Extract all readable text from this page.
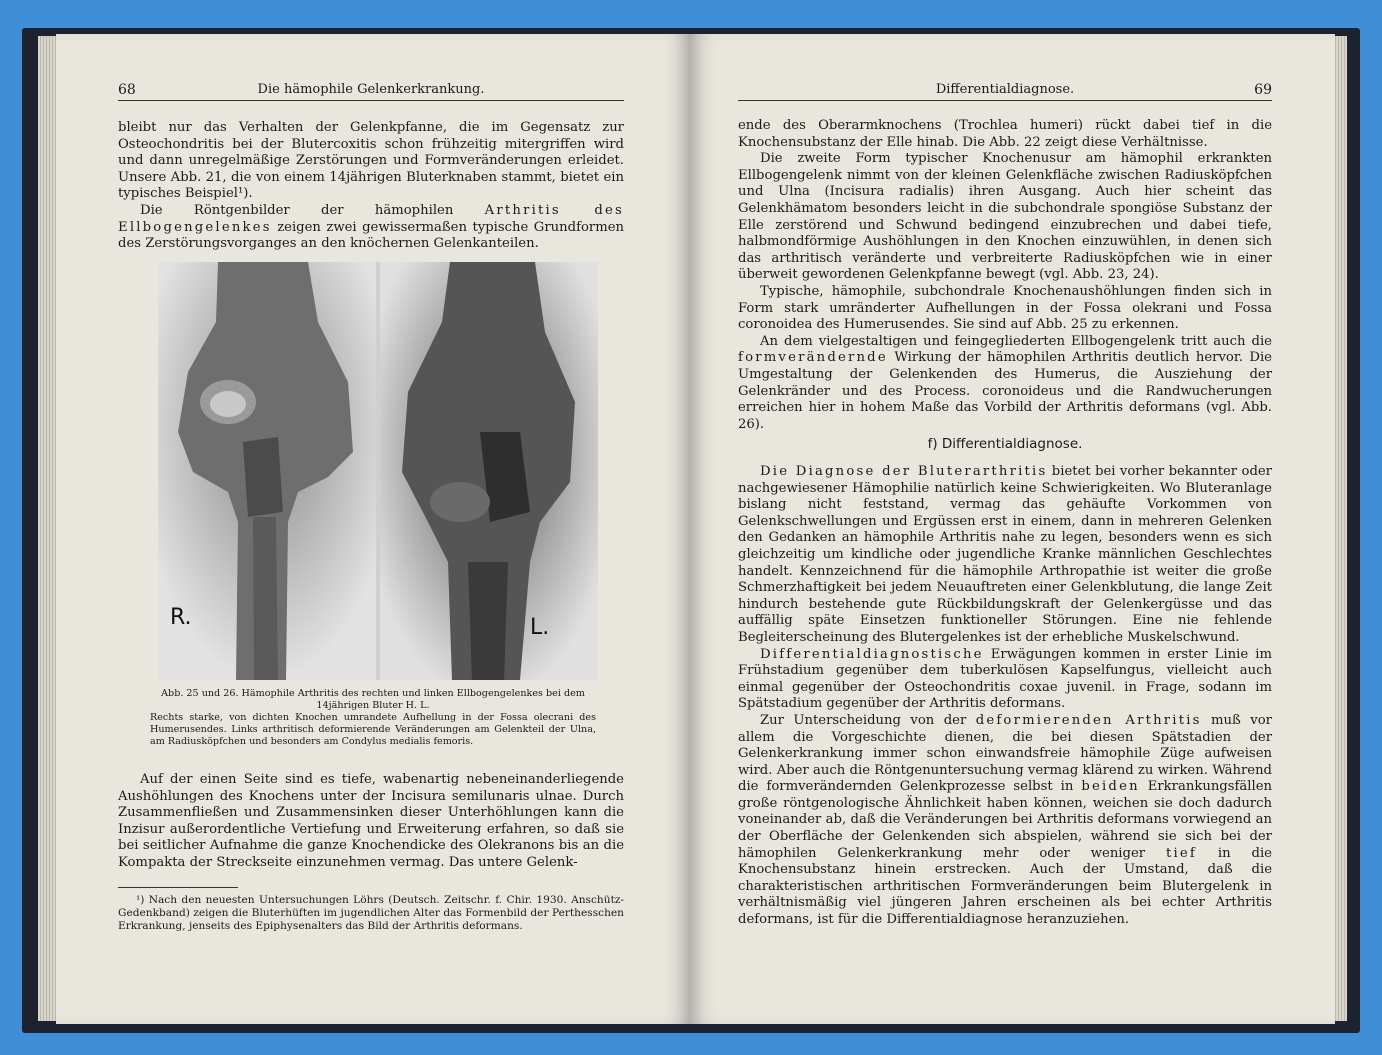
68	Die hämophile Gelenkerkrankung.

bleibt nur das Verhalten der Gelenkpfanne, die im Gegensatz zur Osteochondritis bei der Blutercoxitis schon frühzeitig mitergriffen wird und dann unregelmäßige Zerstörungen und Formveränderungen erleidet. Unsere Abb. 21, die von einem 14jährigen Bluterknaben stammt, bietet ein typisches Beispiel¹).

Die Röntgenbilder der hämophilen Arthritis des Ellbogengelenkes zeigen zwei gewissermaßen typische Grundformen des Zerstörungsvorganges an den knöchernen Gelenkanteilen.

R.	L.
Abb. 25 und 26. Hämophile Arthritis des rechten und linken Ellbogengelenkes bei dem 14jährigen Bluter H. L.
Rechts starke, von dichten Knochen umrandete Aufhellung in der Fossa olecrani des Humerusendes. Links arthritisch deformierende Veränderungen am Gelenkteil der Ulna, am Radiusköpfchen und besonders am Condylus medialis femoris.

Auf der einen Seite sind es tiefe, wabenartig nebeneinanderliegende Aushöhlungen des Knochens unter der Incisura semilunaris ulnae. Durch Zusammenfließen und Zusammensinken dieser Unterhöhlungen kann die Inzisur außerordentliche Vertiefung und Erweiterung erfahren, so daß sie bei seitlicher Aufnahme die ganze Knochendicke des Olekranons bis an die Kompakta der Streckseite einzunehmen vermag. Das untere Gelenk-

¹) Nach den neuesten Untersuchungen Löhrs (Deutsch. Zeitschr. f. Chir. 1930. Anschütz-Gedenkband) zeigen die Bluterhüften im jugendlichen Alter das Formenbild der Perthesschen Erkrankung, jenseits des Epiphysenalters das Bild der Arthritis deformans.

Differentialdiagnose.	69

ende des Oberarmknochens (Trochlea humeri) rückt dabei tief in die Knochensubstanz der Elle hinab. Die Abb. 22 zeigt diese Verhältnisse.

Die zweite Form typischer Knochenusur am hämophil erkrankten Ellbogengelenk nimmt von der kleinen Gelenkfläche zwischen Radiusköpfchen und Ulna (Incisura radialis) ihren Ausgang. Auch hier scheint das Gelenkhämatom besonders leicht in die subchondrale spongiöse Substanz der Elle zerstörend und Schwund bedingend einzubrechen und dabei tiefe, halbmondförmige Aushöhlungen in den Knochen einzuwühlen, in denen sich das arthritisch veränderte und verbreiterte Radiusköpfchen wie in einer überweit gewordenen Gelenkpfanne bewegt (vgl. Abb. 23, 24).

Typische, hämophile, subchondrale Knochenaushöhlungen finden sich in Form stark umränderter Aufhellungen in der Fossa olekrani und Fossa coronoidea des Humerusendes. Sie sind auf Abb. 25 zu erkennen.

An dem vielgestaltigen und feingegliederten Ellbogengelenk tritt auch die formverändernde Wirkung der hämophilen Arthritis deutlich hervor. Die Umgestaltung der Gelenkenden des Humerus, die Ausziehung der Gelenkränder und des Process. coronoideus und die Randwucherungen erreichen hier in hohem Maße das Vorbild der Arthritis deformans (vgl. Abb. 26).

f) Differentialdiagnose.

Die Diagnose der Bluterarthritis bietet bei vorher bekannter oder nachgewiesener Hämophilie natürlich keine Schwierigkeiten. Wo Bluteranlage bislang nicht feststand, vermag das gehäufte Vorkommen von Gelenkschwellungen und Ergüssen erst in einem, dann in mehreren Gelenken den Gedanken an hämophile Arthritis nahe zu legen, besonders wenn es sich gleichzeitig um kindliche oder jugendliche Kranke männlichen Geschlechtes handelt. Kennzeichnend für die hämophile Arthropathie ist weiter die große Schmerzhaftigkeit bei jedem Neuauftreten einer Gelenkblutung, die lange Zeit hindurch bestehende gute Rückbildungskraft der Gelenkergüsse und das auffällig späte Einsetzen funktioneller Störungen. Eine nie fehlende Begleiterscheinung des Blutergelenkes ist der erhebliche Muskelschwund.

Differentialdiagnostische Erwägungen kommen in erster Linie im Frühstadium gegenüber dem tuberkulösen Kapselfungus, vielleicht auch einmal gegenüber der Osteochondritis coxae juvenil. in Frage, sodann im Spätstadium gegenüber der Arthritis deformans.

Zur Unterscheidung von der deformierenden Arthritis muß vor allem die Vorgeschichte dienen, die bei diesen Spätstadien der Gelenkerkrankung immer schon einwandsfreie hämophile Züge aufweisen wird. Aber auch die Röntgenuntersuchung vermag klärend zu wirken. Während die formverändernden Gelenkprozesse selbst in beiden Erkrankungsfällen große röntgenologische Ähnlichkeit haben können, weichen sie doch dadurch voneinander ab, daß die Veränderungen bei Arthritis deformans vorwiegend an der Oberfläche der Gelenkenden sich abspielen, während sie sich bei der hämophilen Gelenkerkrankung mehr oder weniger tief in die Knochensubstanz hinein erstrecken. Auch der Umstand, daß die charakteristischen arthritischen Formveränderungen beim Blutergelenk in verhältnismäßig viel jüngeren Jahren erscheinen als bei echter Arthritis deformans, ist für die Differentialdiagnose heranzuziehen.
